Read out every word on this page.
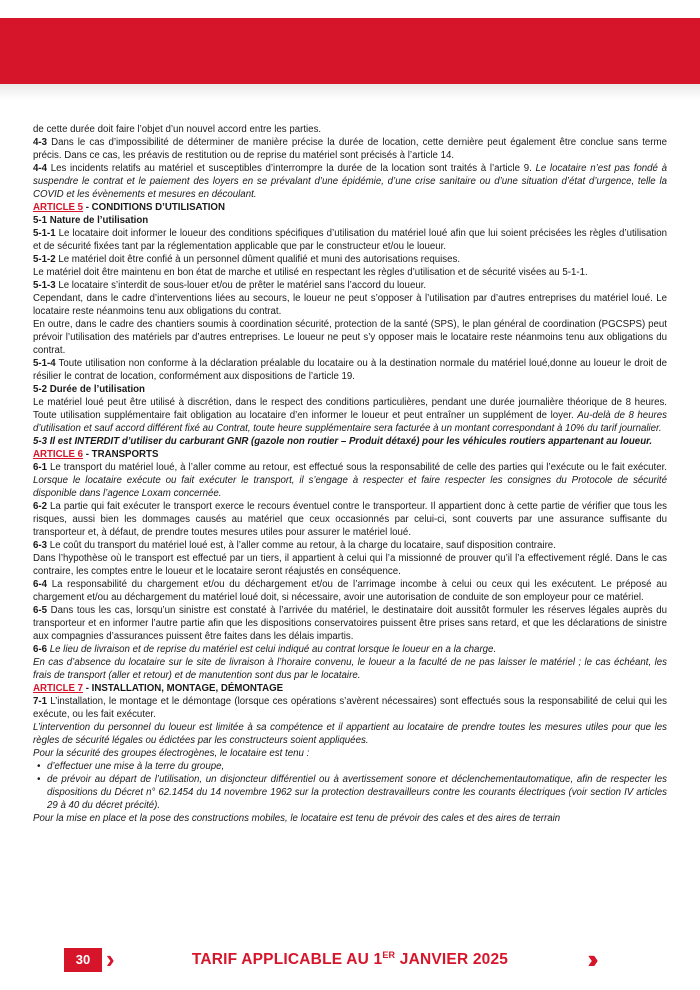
de cette durée doit faire l’objet d’un nouvel accord entre les parties.

4-3 Dans le cas d’impossibilité de déterminer de manière précise la durée de location, cette dernière peut également être conclue sans terme précis. Dans ce cas, les préavis de restitution ou de reprise du matériel sont précisés à l’article 14.

4-4 Les incidents relatifs au matériel et susceptibles d’interrompre la durée de la location sont traités à l’article 9. Le locataire n’est pas fondé à suspendre le contrat et le paiement des loyers en se prévalant d’une épidémie, d’une crise sanitaire ou d’une situation d’état d’urgence, telle la COVID et les évènements et mesures en découlant.

ARTICLE 5 - CONDITIONS D’UTILISATION

5-1 Nature de l’utilisation

5-1-1 Le locataire doit informer le loueur des conditions spécifiques d’utilisation du matériel loué afin que lui soient précisées les règles d’utilisation et de sécurité fixées tant par la réglementation applicable que par le constructeur et/ou le loueur.

5-1-2 Le matériel doit être confié à un personnel dûment qualifié et muni des autorisations requises.

Le matériel doit être maintenu en bon état de marche et utilisé en respectant les règles d’utilisation et de sécurité visées au 5-1-1.

5-1-3 Le locataire s’interdit de sous-louer et/ou de prêter le matériel sans l’accord du loueur.

Cependant, dans le cadre d’interventions liées au secours, le loueur ne peut s’opposer à l’utilisation par d’autres entreprises du matériel loué. Le locataire reste néanmoins tenu aux obligations du contrat.

En outre, dans le cadre des chantiers soumis à coordination sécurité, protection de la santé (SPS), le plan général de coordination (PGCSPS) peut prévoir l’utilisation des matériels par d’autres entreprises. Le loueur ne peut s’y opposer mais le locataire reste néanmoins tenu aux obligations du contrat.

5-1-4 Toute utilisation non conforme à la déclaration préalable du locataire ou à la destination normale du matériel loué,donne au loueur le droit de résilier le contrat de location, conformément aux dispositions de l’article 19.

5-2 Durée de l’utilisation

Le matériel loué peut être utilisé à discrétion, dans le respect des conditions particulières, pendant une durée journalière théorique de 8 heures. Toute utilisation supplémentaire fait obligation au locataire d’en informer le loueur et peut entraîner un supplément de loyer. Au-delà de 8 heures d’utilisation et sauf accord différent fixé au Contrat, toute heure supplémentaire sera facturée à un montant correspondant à 10% du tarif journalier.

5-3 Il est INTERDIT d’utiliser du carburant GNR (gazole non routier – Produit détaxé) pour les véhicules routiers appartenant au loueur.

ARTICLE 6 - TRANSPORTS

6-1 Le transport du matériel loué, à l’aller comme au retour, est effectué sous la responsabilité de celle des parties qui l’exécute ou le fait exécuter. Lorsque le locataire exécute ou fait exécuter le transport, il s’engage à respecter et faire respecter les consignes du Protocole de sécurité disponible dans l’agence Loxam concernée.

6-2 La partie qui fait exécuter le transport exerce le recours éventuel contre le transporteur. Il appartient donc à cette partie de vérifier que tous les risques, aussi bien les dommages causés au matériel que ceux occasionnés par celui-ci, sont couverts par une assurance suffisante du transporteur et, à défaut, de prendre toutes mesures utiles pour assurer le matériel loué.

6-3 Le coût du transport du matériel loué est, à l’aller comme au retour, à la charge du locataire, sauf disposition contraire.

Dans l’hypothèse où le transport est effectué par un tiers, il appartient à celui qui l’a missionné de prouver qu’il l’a effectivement réglé. Dans le cas contraire, les comptes entre le loueur et le locataire seront réajustés en conséquence.

6-4 La responsabilité du chargement et/ou du déchargement et/ou de l’arrimage incombe à celui ou ceux qui les exécutent. Le préposé au chargement et/ou au déchargement du matériel loué doit, si nécessaire, avoir une autorisation de conduite de son employeur pour ce matériel.

6-5 Dans tous les cas, lorsqu’un sinistre est constaté à l’arrivée du matériel, le destinataire doit aussitôt formuler les réserves légales auprès du transporteur et en informer l’autre partie afin que les dispositions conservatoires puissent être prises sans retard, et que les déclarations de sinistre aux compagnies d’assurances puissent être faites dans les délais impartis.

6-6 Le lieu de livraison et de reprise du matériel est celui indiqué au contrat lorsque le loueur en a la charge.

En cas d’absence du locataire sur le site de livraison à l’horaire convenu, le loueur a la faculté de ne pas laisser le matériel ; le cas échéant, les frais de transport (aller et retour) et de manutention sont dus par le locataire.

ARTICLE 7 - INSTALLATION, MONTAGE, DÉMONTAGE

7-1 L’installation, le montage et le démontage (lorsque ces opérations s’avèrent nécessaires) sont effectués sous la responsabilité de celui qui les exécute, ou les fait exécuter.

L’intervention du personnel du loueur est limitée à sa compétence et il appartient au locataire de prendre toutes les mesures utiles pour que les règles de sécurité légales ou édictées par les constructeurs soient appliquées.

Pour la sécurité des groupes électrogènes, le locataire est tenu :

• d’effectuer une mise à la terre du groupe,
• de prévoir au départ de l’utilisation, un disjoncteur différentiel ou à avertissement sonore et déclenchementautomatique, afin de respecter les dispositions du Décret n° 62.1454 du 14 novembre 1962 sur la protection destravailleurs contre les courants électriques (voir section IV articles 29 à 40 du décret précité).

Pour la mise en place et la pose des constructions mobiles, le locataire est tenu de prévoir des cales et des aires de terrain

30	TARIF APPLICABLE AU 1ER JANVIER 2025
